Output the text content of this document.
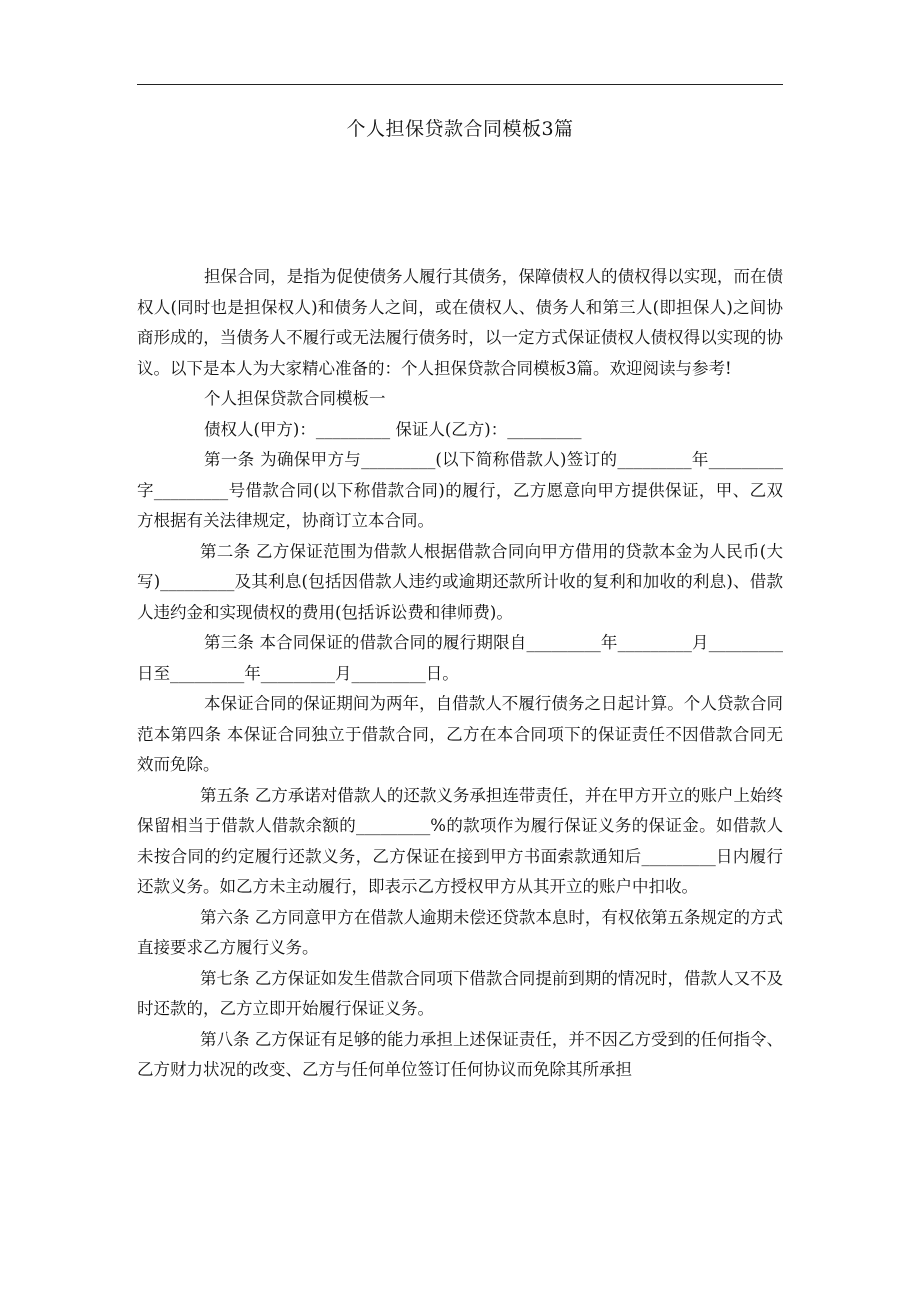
个人担保贷款合同模板3篇

担保合同，是指为促使债务人履行其债务，保障债权人的债权得以实现，而在债权人(同时也是担保权人)和债务人之间，或在债权人、债务人和第三人(即担保人)之间协商形成的，当债务人不履行或无法履行债务时，以一定方式保证债权人债权得以实现的协议。以下是本人为大家精心准备的：个人担保贷款合同模板3篇。欢迎阅读与参考!

个人担保贷款合同模板一

债权人(甲方)：_________ 保证人(乙方)：_________

第一条 为确保甲方与_________(以下简称借款人)签订的_________年_________字_________号借款合同(以下称借款合同)的履行，乙方愿意向甲方提供保证，甲、乙双方根据有关法律规定，协商订立本合同。

第二条 乙方保证范围为借款人根据借款合同向甲方借用的贷款本金为人民币(大写)_________及其利息(包括因借款人违约或逾期还款所计收的复利和加收的利息)、借款人违约金和实现债权的费用(包括诉讼费和律师费)。

第三条 本合同保证的借款合同的履行期限自_________年_________月_________日至_________年_________月_________日。

本保证合同的保证期间为两年，自借款人不履行债务之日起计算。个人贷款合同范本第四条 本保证合同独立于借款合同，乙方在本合同项下的保证责任不因借款合同无效而免除。

第五条 乙方承诺对借款人的还款义务承担连带责任，并在甲方开立的账户上始终保留相当于借款人借款余额的_________%的款项作为履行保证义务的保证金。如借款人未按合同的约定履行还款义务，乙方保证在接到甲方书面索款通知后_________日内履行还款义务。如乙方未主动履行，即表示乙方授权甲方从其开立的账户中扣收。

第六条 乙方同意甲方在借款人逾期未偿还贷款本息时，有权依第五条规定的方式直接要求乙方履行义务。

第七条 乙方保证如发生借款合同项下借款合同提前到期的情况时，借款人又不及时还款的，乙方立即开始履行保证义务。

第八条 乙方保证有足够的能力承担上述保证责任，并不因乙方受到的任何指令、乙方财力状况的改变、乙方与任何单位签订任何协议而免除其所承担
